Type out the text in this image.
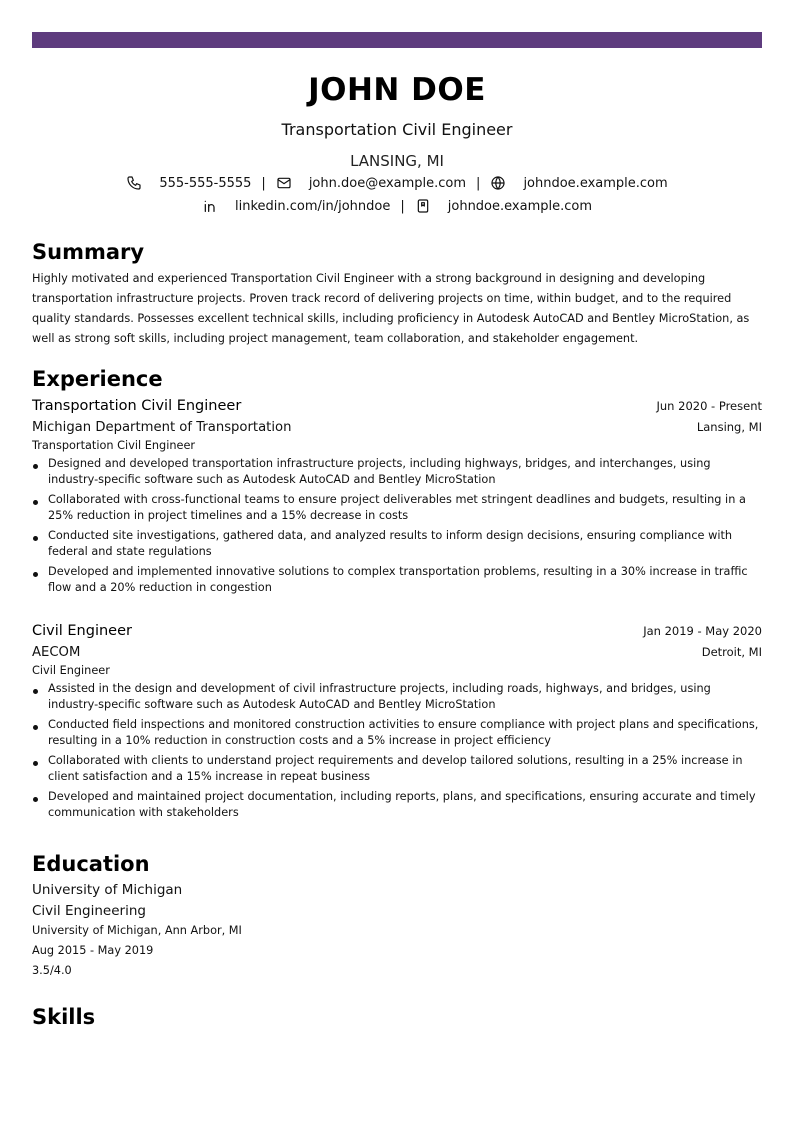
JOHN DOE
Transportation Civil Engineer
LANSING, MI
555-555-5555 |	john.doe@example.com |	johndoe.example.com
linkedin.com/in/johndoe |	johndoe.example.com
Summary
Highly motivated and experienced Transportation Civil Engineer with a strong background in designing and developing transportation infrastructure projects. Proven track record of delivering projects on time, within budget, and to the required quality standards. Possesses excellent technical skills, including proficiency in Autodesk AutoCAD and Bentley MicroStation, as well as strong soft skills, including project management, team collaboration, and stakeholder engagement.
Experience
Transportation Civil Engineer	Jun 2020 - Present
Michigan Department of Transportation	Lansing, MI
Transportation Civil Engineer
Designed and developed transportation infrastructure projects, including highways, bridges, and interchanges, using industry-specific software such as Autodesk AutoCAD and Bentley MicroStation
Collaborated with cross-functional teams to ensure project deliverables met stringent deadlines and budgets, resulting in a 25% reduction in project timelines and a 15% decrease in costs
Conducted site investigations, gathered data, and analyzed results to inform design decisions, ensuring compliance with federal and state regulations
Developed and implemented innovative solutions to complex transportation problems, resulting in a 30% increase in traffic flow and a 20% reduction in congestion
Civil Engineer	Jan 2019 - May 2020
AECOM	Detroit, MI
Civil Engineer
Assisted in the design and development of civil infrastructure projects, including roads, highways, and bridges, using industry-specific software such as Autodesk AutoCAD and Bentley MicroStation
Conducted field inspections and monitored construction activities to ensure compliance with project plans and specifications, resulting in a 10% reduction in construction costs and a 5% increase in project efficiency
Collaborated with clients to understand project requirements and develop tailored solutions, resulting in a 25% increase in client satisfaction and a 15% increase in repeat business
Developed and maintained project documentation, including reports, plans, and specifications, ensuring accurate and timely communication with stakeholders
Education
University of Michigan
Civil Engineering
University of Michigan, Ann Arbor, MI
Aug 2015 - May 2019
3.5/4.0
Skills
